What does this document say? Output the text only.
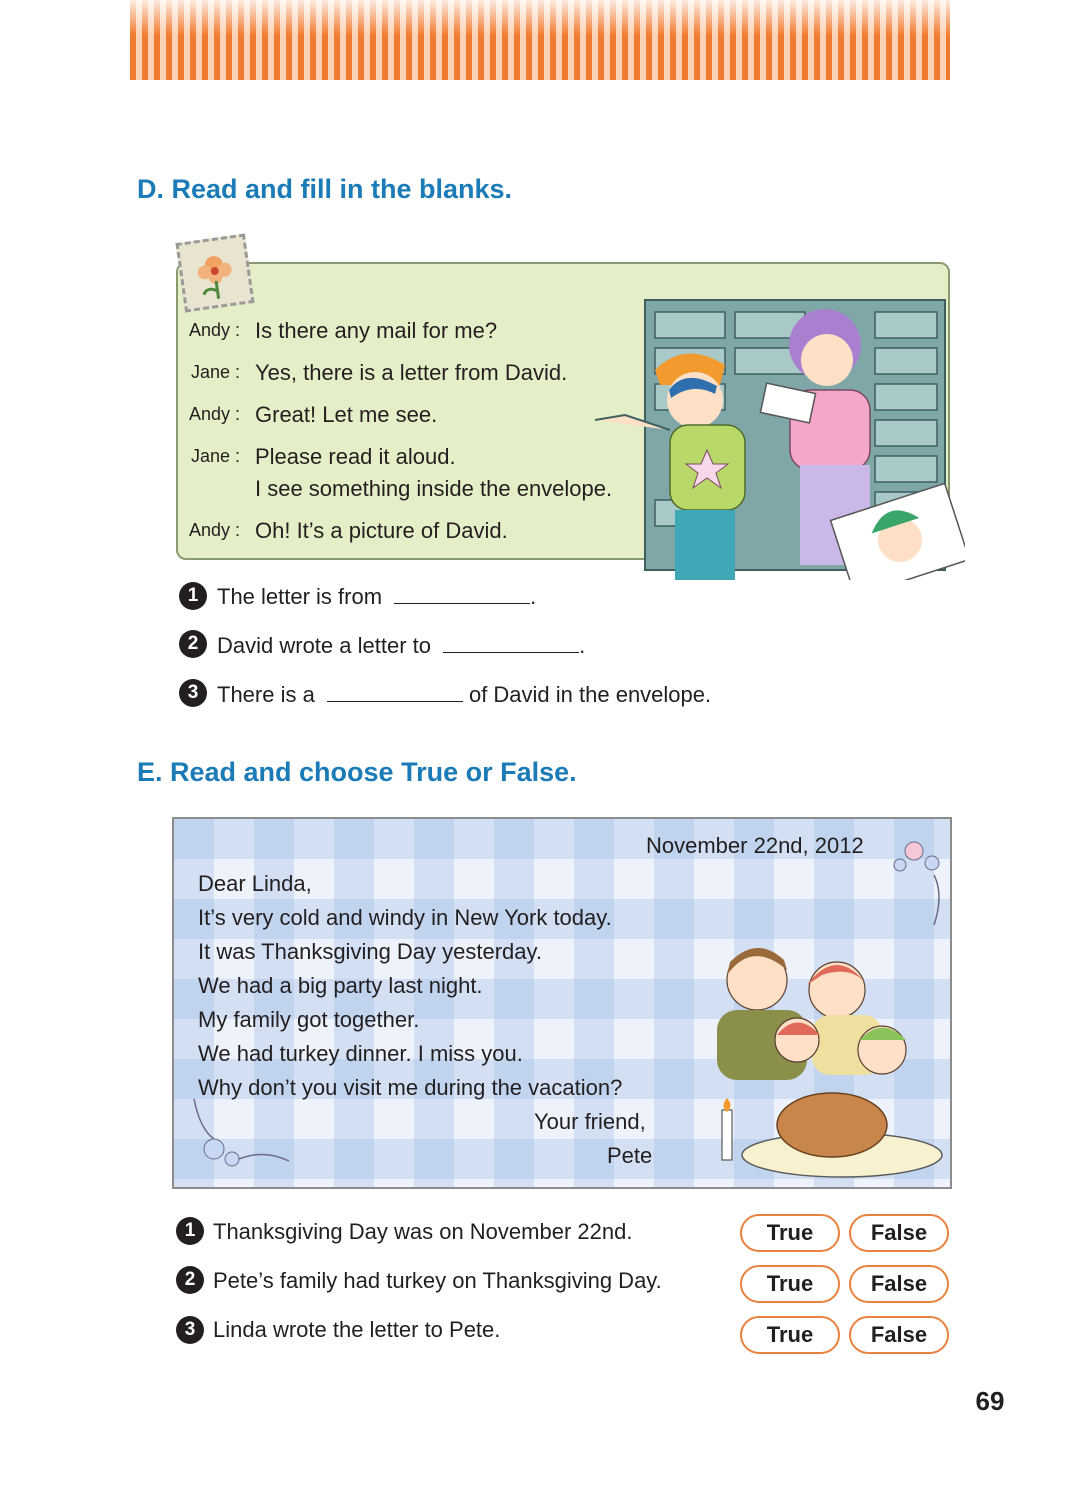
D. Read and fill in the blanks.
Andy : Is there any mail for me?
Jane : Yes, there is a letter from David.
Andy : Great! Let me see.
Jane : Please read it aloud.
I see something inside the envelope.
Andy : Oh! It’s a picture of David.
1 The letter is from	.
2 David wrote a letter to	.
3 There is a	of David in the envelope.
E. Read and choose True or False.
November 22nd, 2012
Dear Linda,
It’s very cold and windy in New York today.
It was Thanksgiving Day yesterday.
We had a big party last night.
My family got together.
We had turkey dinner. I miss you.
Why don’t you visit me during the vacation?
Your friend,
Pete
1 Thanksgiving Day was on November 22nd.	True	False
2 Pete’s family had turkey on Thanksgiving Day.	True	False
3 Linda wrote the letter to Pete.	True	False
69
